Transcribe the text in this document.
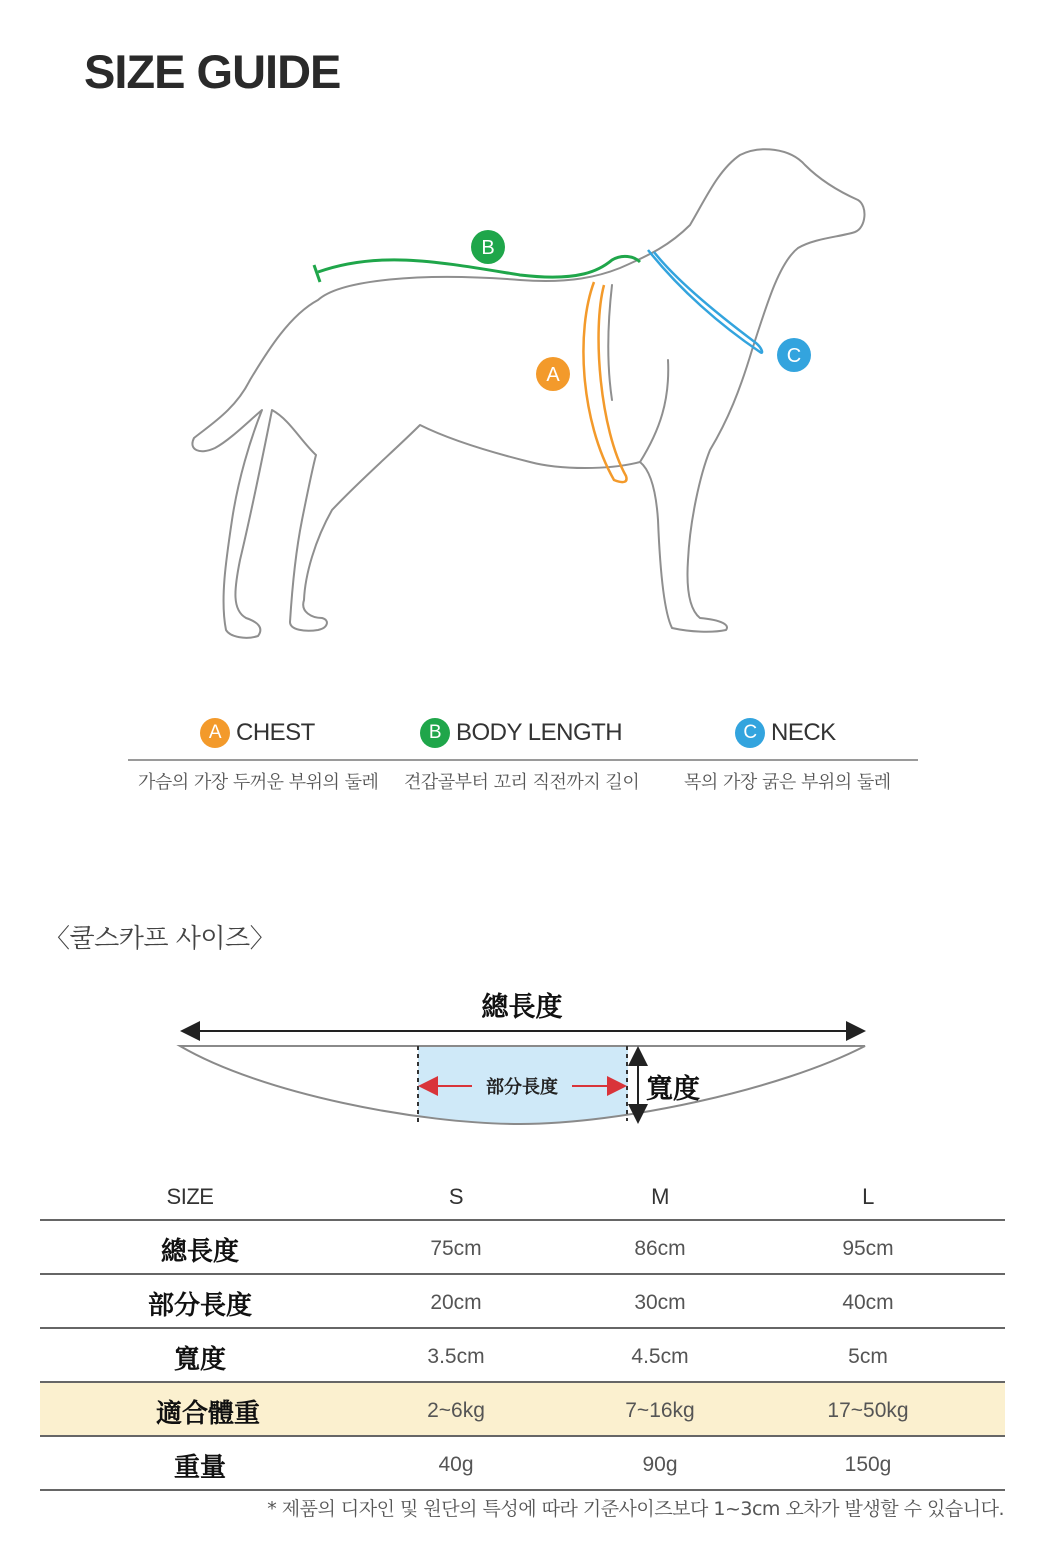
SIZE GUIDE
B
A
C
A CHEST	B BODY LENGTH	C NECK
가슴의 가장 두꺼운 부위의 둘레 견갑골부터 꼬리 직전까지 길이 목의 가장 굵은 부위의 둘레
〈쿨스카프 사이즈〉
總長度
部分長度	寬度
SIZE	S	M	L
總長度	75cm	86cm	95cm
部分長度	20cm	30cm	40cm
寬度	3.5cm	4.5cm	5cm
適合體重	2~6kg	7~16kg	17~50kg
重量	40g	90g	150g
* 제품의 디자인 및 원단의 특성에 따라 기준사이즈보다 1~3cm 오차가 발생할 수 있습니다.
